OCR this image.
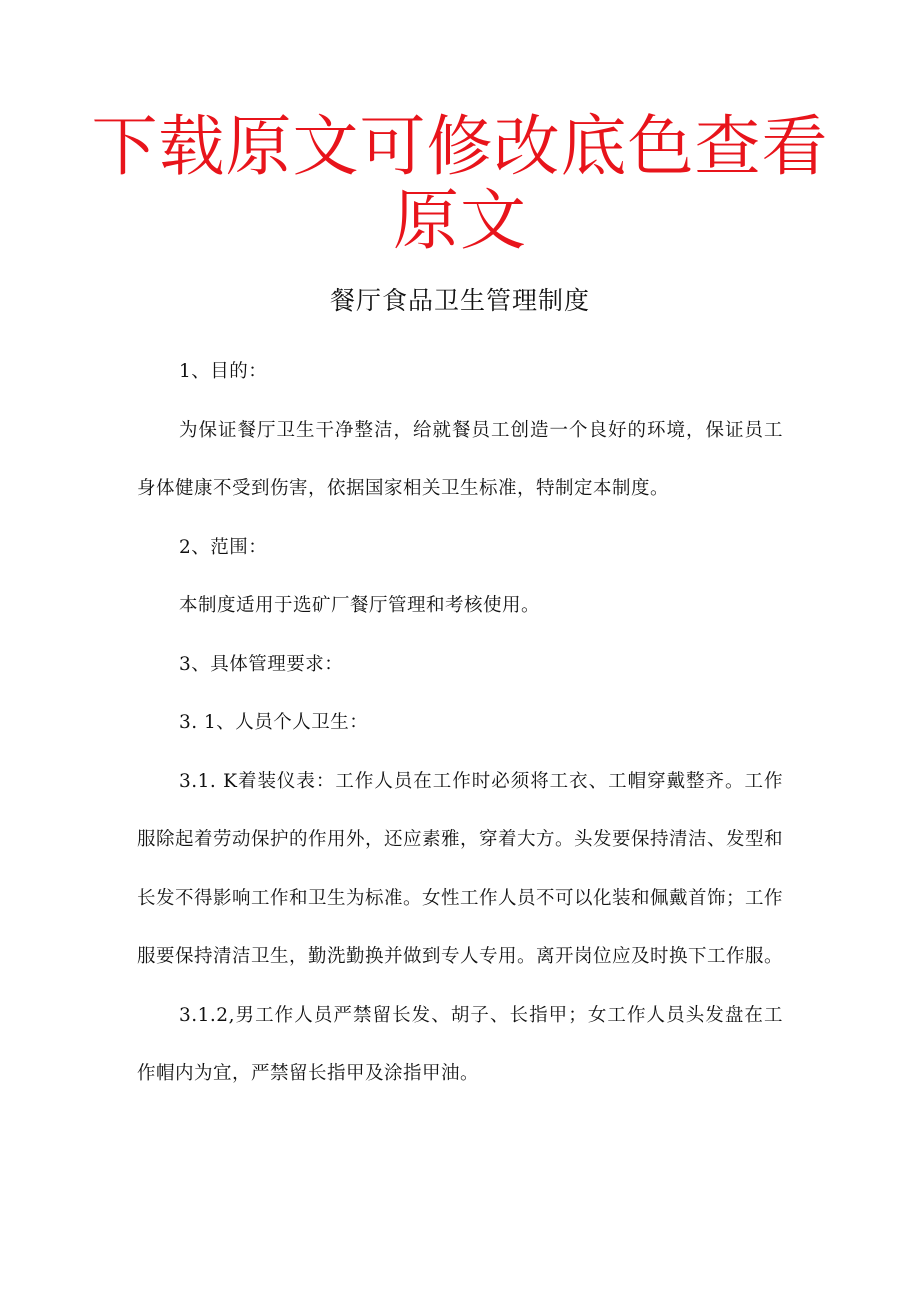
下载原文可修改底色查看
原文
餐厅食品卫生管理制度

1、目的：

为保证餐厅卫生干净整洁，给就餐员工创造一个良好的环境，保证员工身体健康不受到伤害，依据国家相关卫生标准，特制定本制度。

2、范围：

本制度适用于选矿厂餐厅管理和考核使用。

3、具体管理要求：

3. 1、人员个人卫生：

3.1. K着装仪表：工作人员在工作时必须将工衣、工帽穿戴整齐。工作服除起着劳动保护的作用外，还应素雅，穿着大方。头发要保持清洁、发型和长发不得影响工作和卫生为标准。女性工作人员不可以化装和佩戴首饰；工作服要保持清洁卫生，勤洗勤换并做到专人专用。离开岗位应及时换下工作服。

3.1.2,男工作人员严禁留长发、胡子、长指甲；女工作人员头发盘在工作帽内为宜，严禁留长指甲及涂指甲油。
